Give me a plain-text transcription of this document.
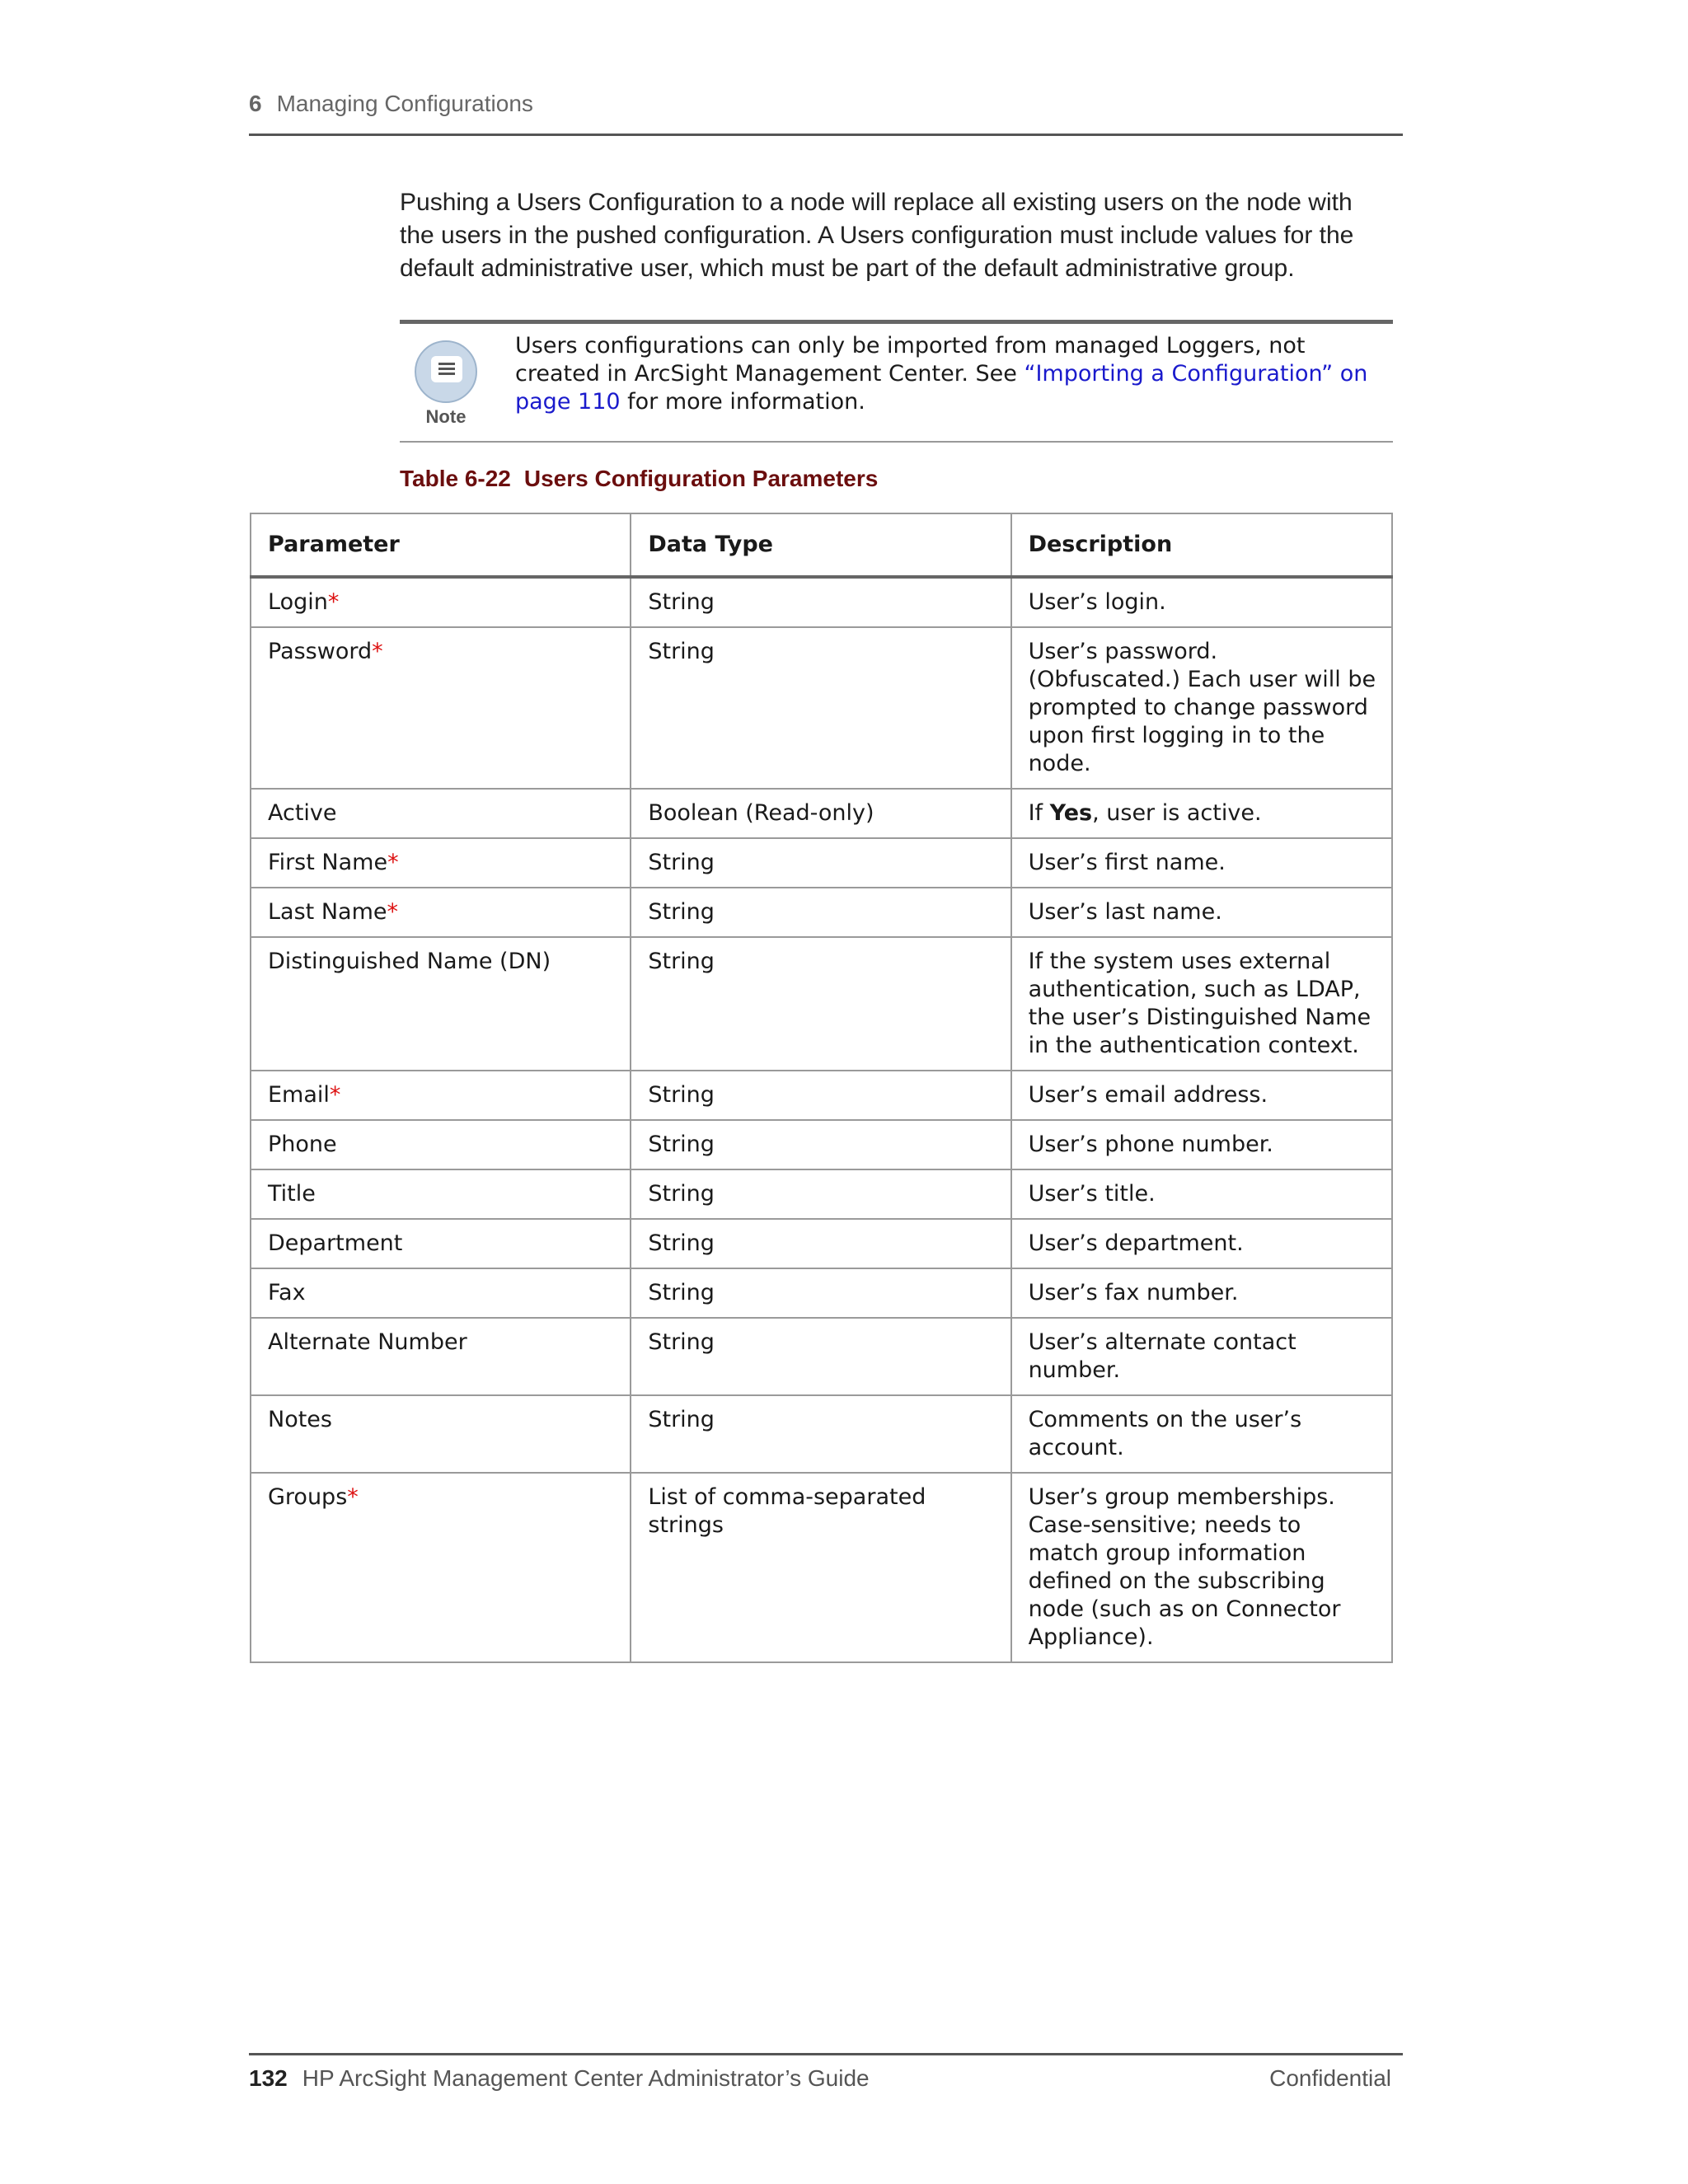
6 Managing Configurations

Pushing a Users Configuration to a node will replace all existing users on the node with the users in the pushed configuration. A Users configuration must include values for the default administrative user, which must be part of the default administrative group.

Note
Users configurations can only be imported from managed Loggers, not created in ArcSight Management Center. See “Importing a Configuration” on page 110 for more information.
Table 6-22 Users Configuration Parameters
Parameter	Data Type	Description
Login*	String	User’s login.
Password*	String	User’s password. (Obfuscated.) Each user will be prompted to change password upon first logging in to the node.
Active	Boolean (Read-only)	If Yes, user is active.
First Name*	String	User’s first name.
Last Name*	String	User’s last name.
Distinguished Name (DN)	String	If the system uses external authentication, such as LDAP, the user’s Distinguished Name in the authentication context.
Email*	String	User’s email address.
Phone	String	User’s phone number.
Title	String	User’s title.
Department	String	User’s department.
Fax	String	User’s fax number.
Alternate Number	String	User’s alternate contact number.
Notes	String	Comments on the user’s account.
Groups*	List of comma-separated strings	User’s group memberships. Case-sensitive; needs to match group information defined on the subscribing node (such as on Connector Appliance).
132 HP ArcSight Management Center Administrator’s Guide	Confidential
